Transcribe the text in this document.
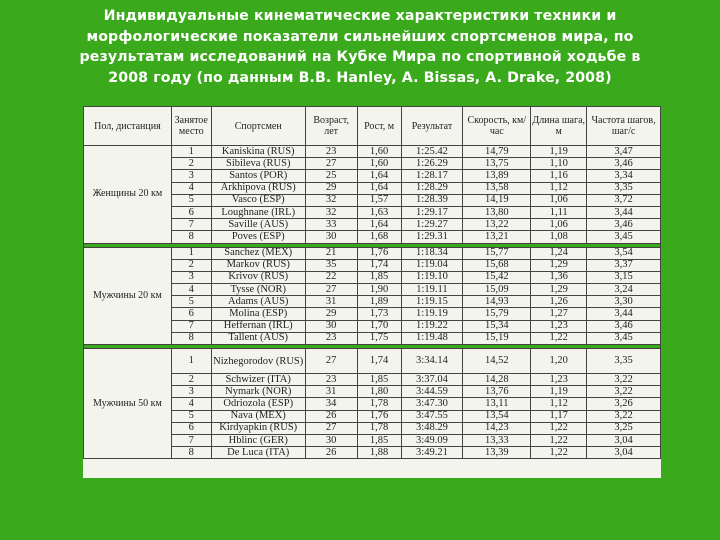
Индивидуальные кинематические характеристики техники и
морфологические показатели сильнейших спортсменов мира, по
результатам исследований на Кубке Мира по спортивной ходьбе в
2008 году (по данным B.B. Hanley, A. Bissas, A. Drake, 2008)
Пол, дистанция	Занятое место	Спортсмен	Возраст, лет	Рост, м	Результат	Скорость, км/час	Длина шага, м	Частота шагов, шаг/с
Женщины 20 км	1	Kaniskina (RUS)	23	1,60	1:25.42	14,79	1,19	3,47
	2	Sibileva (RUS)	27	1,60	1:26.29	13,75	1,10	3,46
	3	Santos (POR)	25	1,64	1:28.17	13,89	1,16	3,34
	4	Arkhipova (RUS)	29	1,64	1:28.29	13,58	1,12	3,35
	5	Vasco (ESP)	32	1,57	1:28.39	14,19	1,06	3,72
	6	Loughnane (IRL)	32	1,63	1:29.17	13,80	1,11	3,44
	7	Saville (AUS)	33	1,64	1:29.27	13,22	1,06	3,46
	8	Poves (ESP)	30	1,68	1:29.31	13,21	1,08	3,45

Мужчины 20 км	1	Sanchez (MEX)	21	1,76	1:18.34	15,77	1,24	3,54
	2	Markov (RUS)	35	1,74	1:19.04	15,68	1,29	3,37
	3	Krivov (RUS)	22	1,85	1:19.10	15,42	1,36	3,15
	4	Tysse (NOR)	27	1,90	1:19.11	15,09	1,29	3,24
	5	Adams (AUS)	31	1,89	1:19.15	14,93	1,26	3,30
	6	Molina (ESP)	29	1,73	1:19.19	15,79	1,27	3,44
	7	Heffernan (IRL)	30	1,70	1:19.22	15,34	1,23	3,46
	8	Tallent (AUS)	23	1,75	1:19.48	15,19	1,22	3,45

Мужчины 50 км	1	Nizhegorodov (RUS)	27	1,74	3:34.14	14,52	1,20	3,35
	2	Schwizer (ITA)	23	1,85	3:37.04	14,28	1,23	3,22
	3	Nymark (NOR)	31	1,80	3:44.59	13,76	1,19	3,22
	4	Odriozola (ESP)	34	1,78	3:47.30	13,11	1,12	3,26
	5	Nava (MEX)	26	1,76	3:47.55	13,54	1,17	3,22
	6	Kirdyapkin (RUS)	27	1,78	3:48.29	14,23	1,22	3,25
	7	Hblinc (GER)	30	1,85	3:49.09	13,33	1,22	3,04
	8	De Luca (ITA)	26	1,88	3:49.21	13,39	1,22	3,04
